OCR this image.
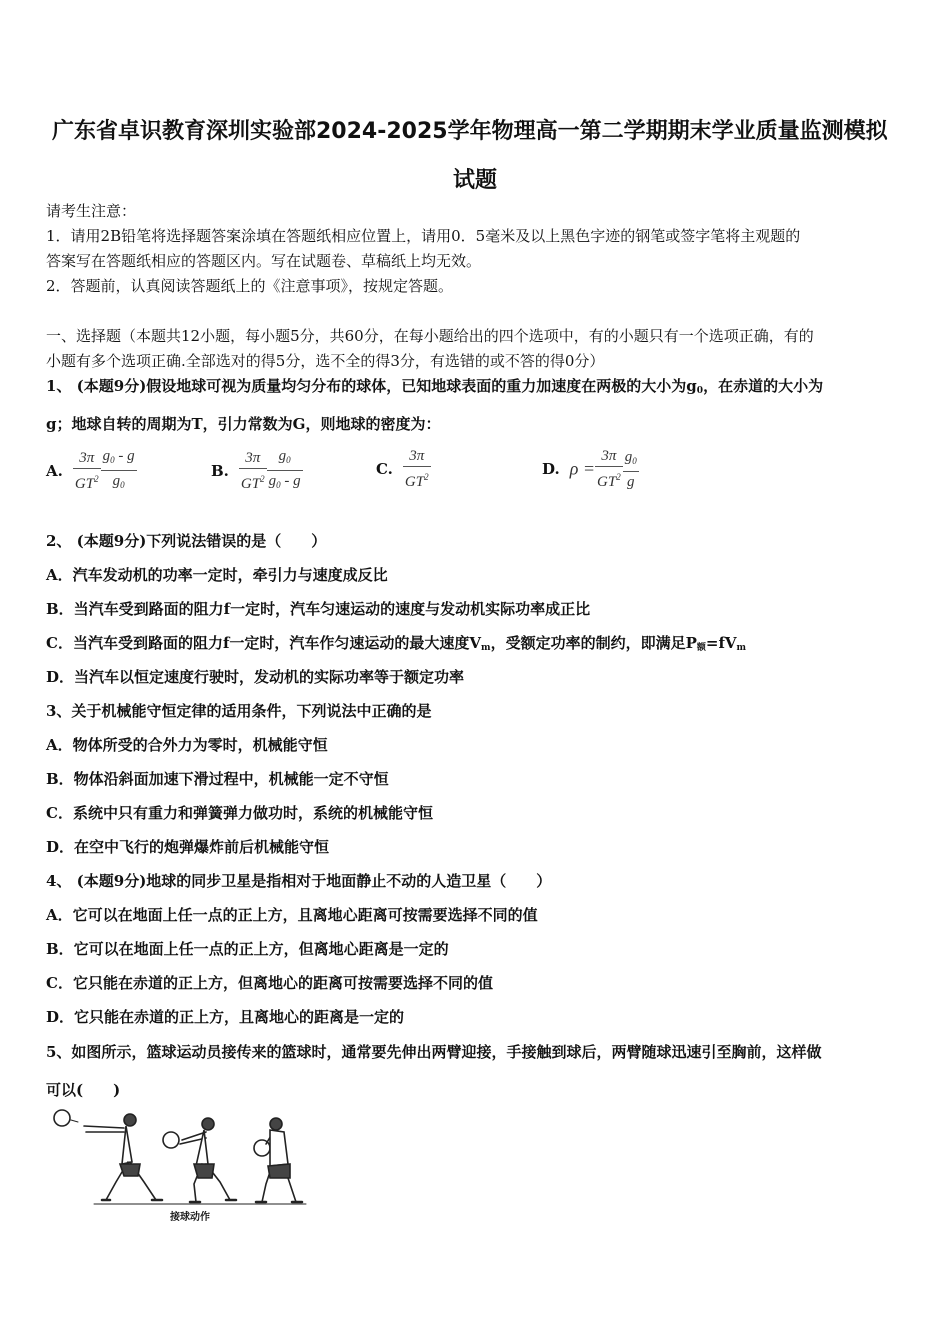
广东省卓识教育深圳实验部2024-2025学年物理高一第二学期期末学业质量监测模拟
试题
请考生注意：
1．请用2B铅笔将选择题答案涂填在答题纸相应位置上，请用0．5毫米及以上黑色字迹的钢笔或签字笔将主观题的
答案写在答题纸相应的答题区内。写在试题卷、草稿纸上均无效。
2．答题前，认真阅读答题纸上的《注意事项》，按规定答题。
一、选择题（本题共12小题，每小题5分，共60分，在每小题给出的四个选项中，有的小题只有一个选项正确，有的
小题有多个选项正确.全部选对的得5分，选不全的得3分，有选错的或不答的得0分）
1、 (本题9分)假设地球可视为质量均匀分布的球体，已知地球表面的重力加速度在两极的大小为$g_0$，在赤道的大小为
g；地球自转的周期为T，引力常数为G，则地球的密度为：
A. $\frac{3\pi}{GT^2} \frac{g_0 - g}{g_0}$	B. $\frac{3\pi}{GT^2} \frac{g_0}{g_0 - g}$	C. $\frac{3\pi}{GT^2}$	D. $\rho = \frac{3\pi}{GT^2} \frac{g_0}{g}$
2、 (本题9分)下列说法错误的是（　　）
A．汽车发动机的功率一定时，牵引力与速度成反比
B．当汽车受到路面的阻力f一定时，汽车匀速运动的速度与发动机实际功率成正比
C．当汽车受到路面的阻力f一定时，汽车作匀速运动的最大速度$V_m$，受额定功率的制约，即满足$P_额=fV_m$
D．当汽车以恒定速度行驶时，发动机的实际功率等于额定功率
3、关于机械能守恒定律的适用条件，下列说法中正确的是
A．物体所受的合外力为零时，机械能守恒
B．物体沿斜面加速下滑过程中，机械能一定不守恒
C．系统中只有重力和弹簧弹力做功时，系统的机械能守恒
D．在空中飞行的炮弹爆炸前后机械能守恒
4、 (本题9分)地球的同步卫星是指相对于地面静止不动的人造卫星（　　）
A．它可以在地面上任一点的正上方，且离地心距离可按需要选择不同的值
B．它可以在地面上任一点的正上方，但离地心距离是一定的
C．它只能在赤道的正上方，但离地心的距离可按需要选择不同的值
D．它只能在赤道的正上方，且离地心的距离是一定的
5、如图所示，篮球运动员接传来的篮球时，通常要先伸出两臂迎接，手接触到球后，两臂随球迅速引至胸前，这样做
可以(　　)
接球动作
